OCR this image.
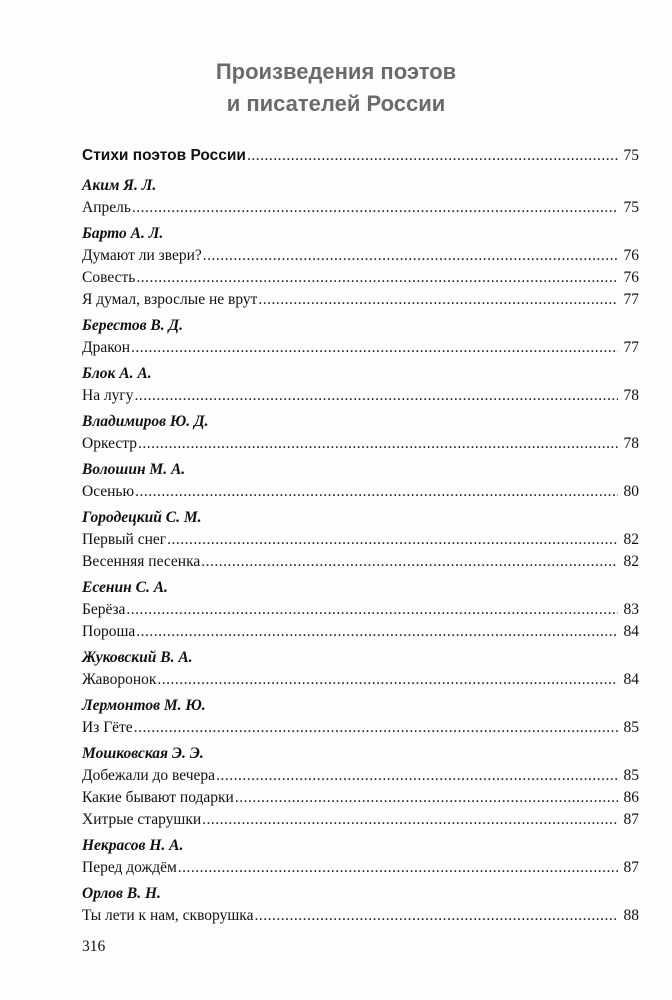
Произведения поэтов
и писателей России
Стихи поэтов России .....	75
Аким Я. Л.
Апрель .....	75
Барто А. Л.
Думают ли звери? .....	76
Совесть .....	76
Я думал, взрослые не врут .....	77
Берестов В. Д.
Дракон .....	77
Блок А. А.
На лугу .....	78
Владимиров Ю. Д.
Оркестр .....	78
Волошин М. А.
Осенью .....	80
Городецкий С. М.
Первый снег .....	82
Весенняя песенка .....	82
Есенин С. А.
Берёза .....	83
Пороша .....	84
Жуковский В. А.
Жаворонок .....	84
Лермонтов М. Ю.
Из Гёте .....	85
Мошковская Э. Э.
Добежали до вечера .....	85
Какие бывают подарки .....	86
Хитрые старушки .....	87
Некрасов Н. А.
Перед дождём .....	87
Орлов В. Н.
Ты лети к нам, скворушка .....	88
316
